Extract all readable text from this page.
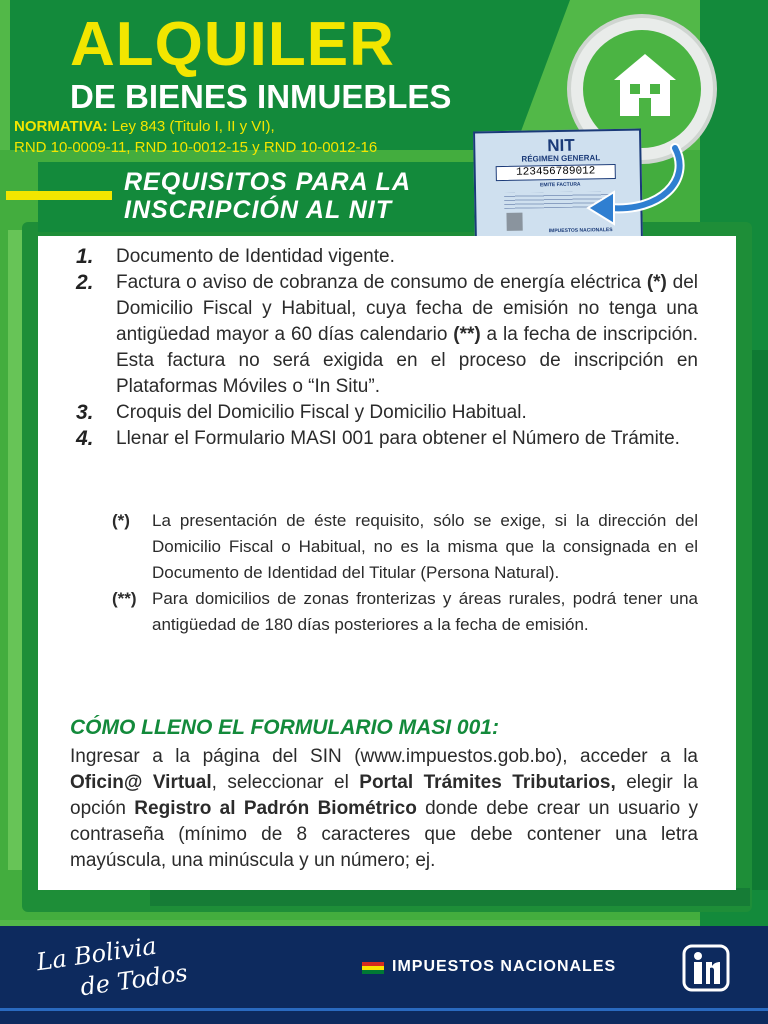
ALQUILER
DE BIENES INMUEBLES
NORMATIVA: Ley 843 (Titulo I, II y VI),
RND 10-0009-11, RND 10-0012-15 y RND 10-0012-16
REQUISITOS PARA LA
INSCRIPCIÓN AL NIT
NIT
RÉGIMEN GENERAL
123456789012
EMITE FACTURA
IMPUESTOS NACIONALES
1. Documento de Identidad vigente.
2. Factura o aviso de cobranza de consumo de energía eléctrica (*) del Domicilio Fiscal y Habitual, cuya fecha de emisión no tenga una antigüedad mayor a 60 días calendario (**) a la fecha de inscripción. Esta factura no será exigida en el proceso de inscripción en Plataformas Móviles o “In Situ”.
3. Croquis del Domicilio Fiscal y Domicilio Habitual.
4. Llenar el Formulario MASI 001 para obtener el Número de Trámite.
(*) La presentación de éste requisito, sólo se exige, si la dirección del Domicilio Fiscal o Habitual, no es la misma que la consignada en el Documento de Identidad del Titular (Persona Natural).
(**) Para domicilios de zonas fronterizas y áreas rurales, podrá tener una antigüedad de 180 días posteriores a la fecha de emisión.
CÓMO LLENO EL FORMULARIO MASI 001:
Ingresar a la página del SIN (www.impuestos.gob.bo), acceder a la Oficin@ Virtual, seleccionar el Portal Trámites Tributarios, elegir la opción Registro al Padrón Biométrico donde debe crear un usuario y contraseña (mínimo de 8 caracteres que debe contener una letra mayúscula, una minúscula y un número; ej.
La Bolivia
de Todos	IMPUESTOS NACIONALES
